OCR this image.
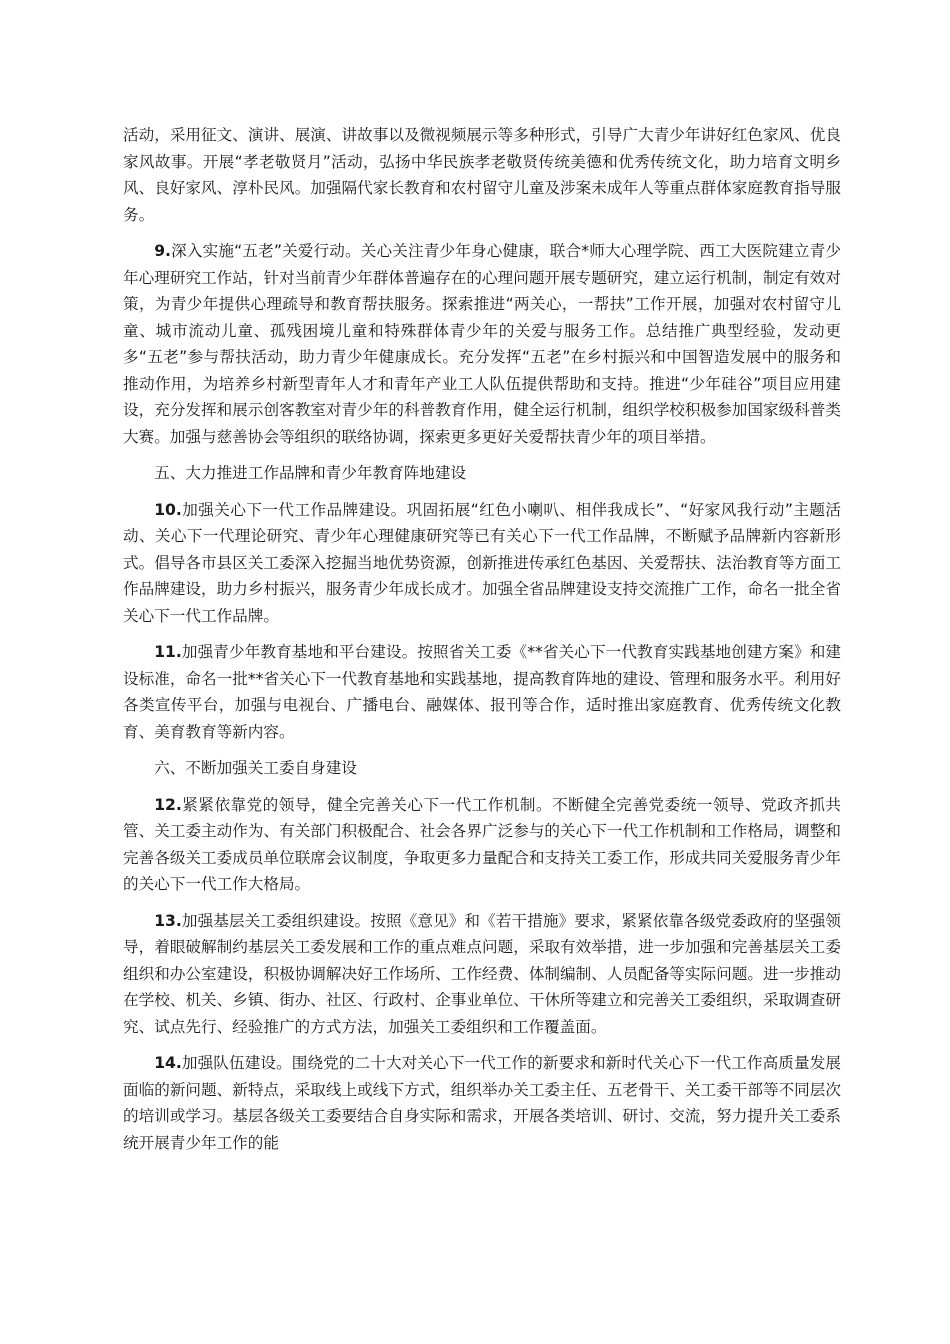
活动，采用征文、演讲、展演、讲故事以及微视频展示等多种形式，引导广大青少年讲好红色家风、优良家风故事。开展“孝老敬贤月”活动，弘扬中华民族孝老敬贤传统美德和优秀传统文化，助力培育文明乡风、良好家风、淳朴民风。加强隔代家长教育和农村留守儿童及涉案未成年人等重点群体家庭教育指导服务。

9.深入实施“五老”关爱行动。关心关注青少年身心健康，联合*师大心理学院、西工大医院建立青少年心理研究工作站，针对当前青少年群体普遍存在的心理问题开展专题研究，建立运行机制，制定有效对策，为青少年提供心理疏导和教育帮扶服务。探索推进“两关心，一帮扶”工作开展，加强对农村留守儿童、城市流动儿童、孤残困境儿童和特殊群体青少年的关爱与服务工作。总结推广典型经验，发动更多“五老”参与帮扶活动，助力青少年健康成长。充分发挥“五老”在乡村振兴和中国智造发展中的服务和推动作用，为培养乡村新型青年人才和青年产业工人队伍提供帮助和支持。推进“少年硅谷”项目应用建设，充分发挥和展示创客教室对青少年的科普教育作用，健全运行机制，组织学校积极参加国家级科普类大赛。加强与慈善协会等组织的联络协调，探索更多更好关爱帮扶青少年的项目举措。

五、大力推进工作品牌和青少年教育阵地建设

10.加强关心下一代工作品牌建设。巩固拓展“红色小喇叭、相伴我成长”、“好家风我行动”主题活动、关心下一代理论研究、青少年心理健康研究等已有关心下一代工作品牌，不断赋予品牌新内容新形式。倡导各市县区关工委深入挖掘当地优势资源，创新推进传承红色基因、关爱帮扶、法治教育等方面工作品牌建设，助力乡村振兴，服务青少年成长成才。加强全省品牌建设支持交流推广工作，命名一批全省关心下一代工作品牌。

11.加强青少年教育基地和平台建设。按照省关工委《**省关心下一代教育实践基地创建方案》和建设标准，命名一批**省关心下一代教育基地和实践基地，提高教育阵地的建设、管理和服务水平。利用好各类宣传平台，加强与电视台、广播电台、融媒体、报刊等合作，适时推出家庭教育、优秀传统文化教育、美育教育等新内容。

六、不断加强关工委自身建设

12.紧紧依靠党的领导，健全完善关心下一代工作机制。不断健全完善党委统一领导、党政齐抓共管、关工委主动作为、有关部门积极配合、社会各界广泛参与的关心下一代工作机制和工作格局，调整和完善各级关工委成员单位联席会议制度，争取更多力量配合和支持关工委工作，形成共同关爱服务青少年的关心下一代工作大格局。

13.加强基层关工委组织建设。按照《意见》和《若干措施》要求，紧紧依靠各级党委政府的坚强领导，着眼破解制约基层关工委发展和工作的重点难点问题，采取有效举措，进一步加强和完善基层关工委组织和办公室建设，积极协调解决好工作场所、工作经费、体制编制、人员配备等实际问题。进一步推动在学校、机关、乡镇、街办、社区、行政村、企事业单位、干休所等建立和完善关工委组织，采取调查研究、试点先行、经验推广的方式方法，加强关工委组织和工作覆盖面。

14.加强队伍建设。围绕党的二十大对关心下一代工作的新要求和新时代关心下一代工作高质量发展面临的新问题、新特点，采取线上或线下方式，组织举办关工委主任、五老骨干、关工委干部等不同层次的培训或学习。基层各级关工委要结合自身实际和需求，开展各类培训、研讨、交流，努力提升关工委系统开展青少年工作的能
